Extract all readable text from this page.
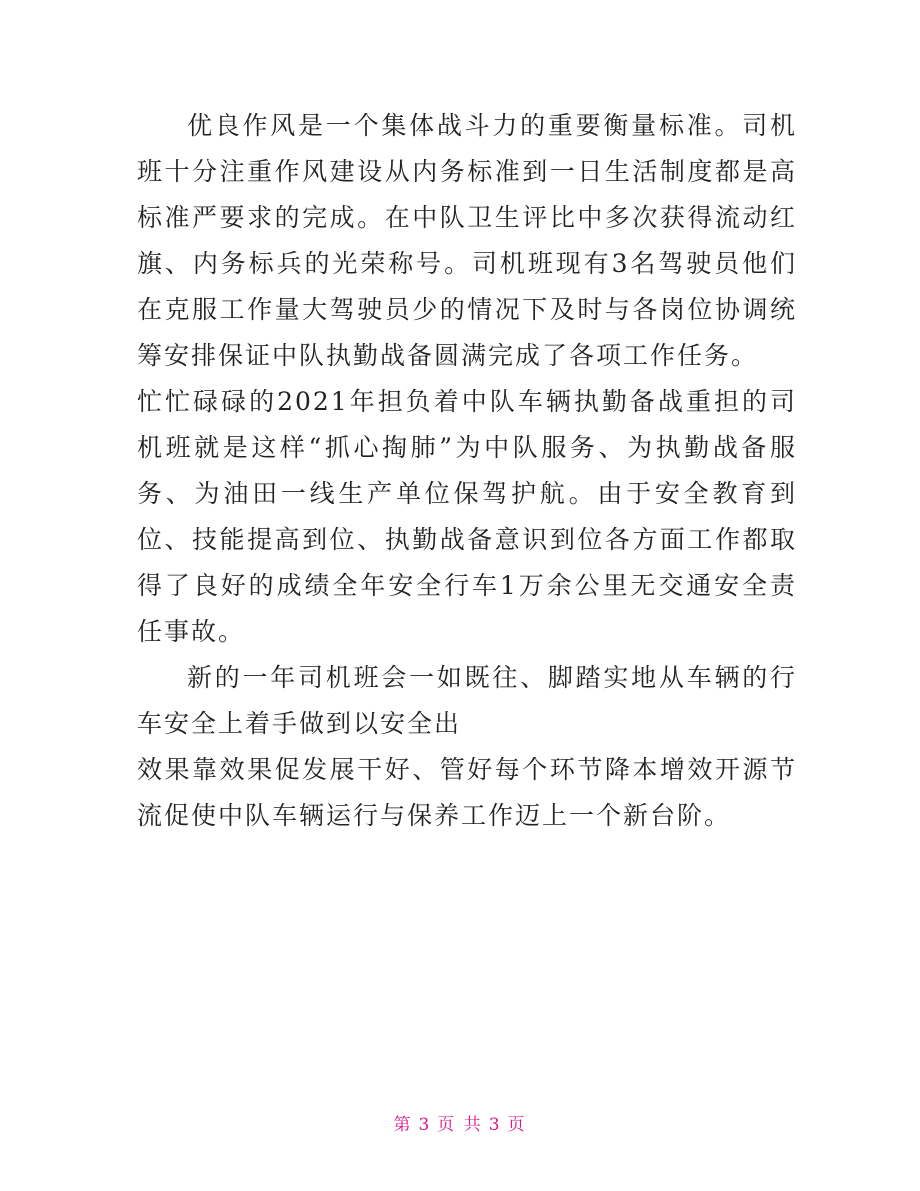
优良作风是一个集体战斗力的重要衡量标准。司机班十分注重作风建设从内务标准到一日生活制度都是高标准严要求的完成。在中队卫生评比中多次获得流动红旗、内务标兵的光荣称号。司机班现有3名驾驶员他们在克服工作量大驾驶员少的情况下及时与各岗位协调统筹安排保证中队执勤战备圆满完成了各项工作任务。

忙忙碌碌的2021年担负着中队车辆执勤备战重担的司机班就是这样“抓心掏肺”为中队服务、为执勤战备服务、为油田一线生产单位保驾护航。由于安全教育到位、技能提高到位、执勤战备意识到位各方面工作都取得了良好的成绩全年安全行车1万余公里无交通安全责任事故。

新的一年司机班会一如既往、脚踏实地从车辆的行车安全上着手做到以安全出

效果靠效果促发展干好、管好每个环节降本增效开源节流促使中队车辆运行与保养工作迈上一个新台阶。

第 3 页 共 3 页
